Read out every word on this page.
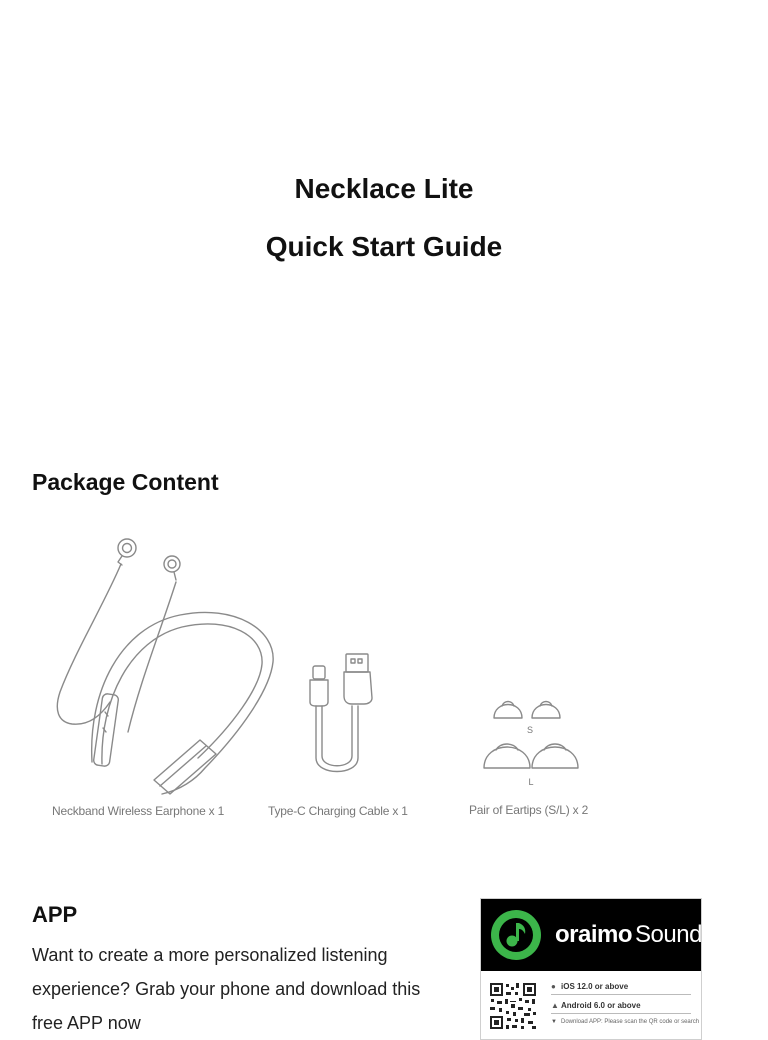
Necklace Lite
Quick Start Guide
Package Content
Neckband Wireless Earphone x 1	Type-C Charging Cable x 1
S
L
Pair of Eartips (S/L) x 2
APP
Want to create a more personalized listening experience? Grab your phone and download this free APP now
oraimo Sound
● iOS 12.0 or above
▲ Android 6.0 or above
▼ Download APP: Please scan the QR code or search
